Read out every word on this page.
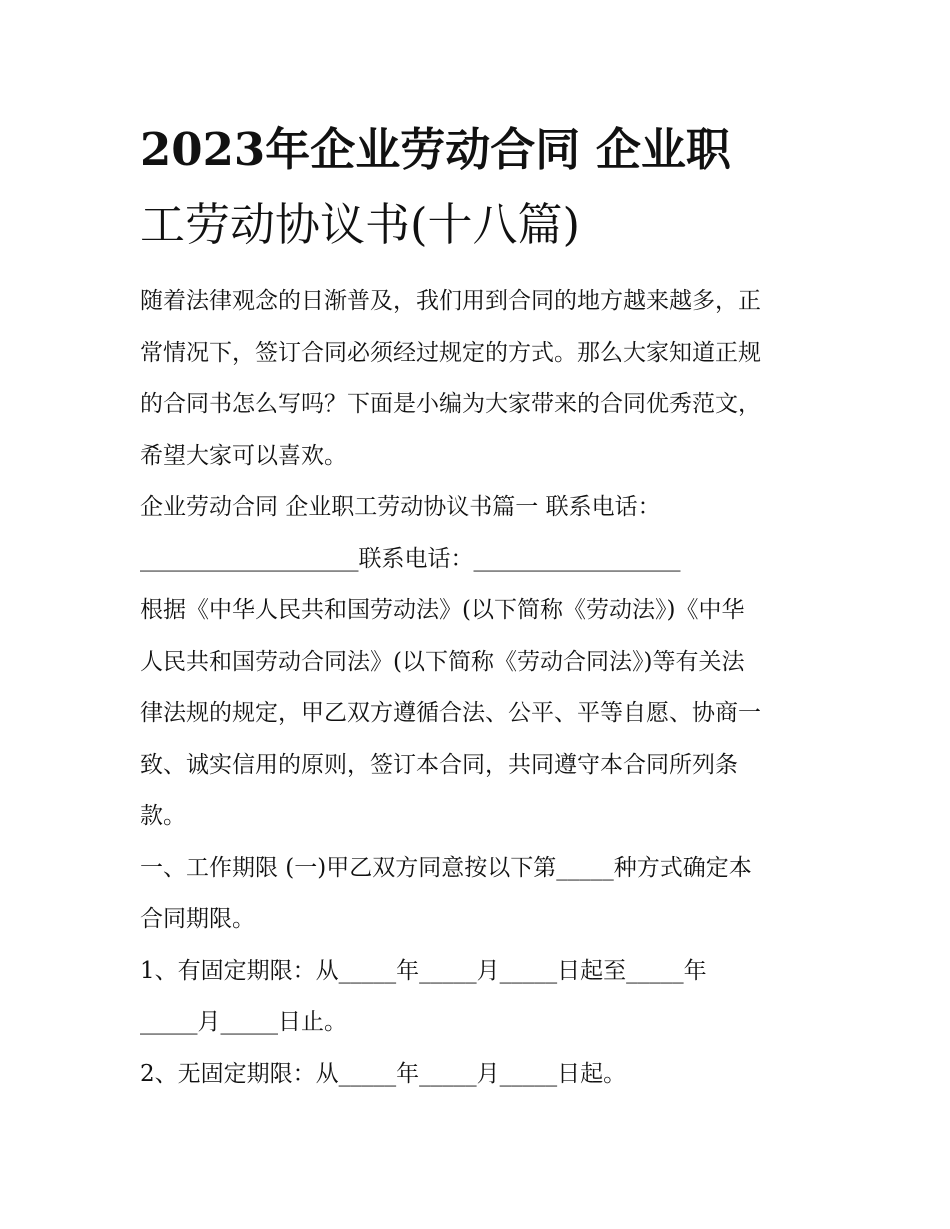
2023年企业劳动合同 企业职
工劳动协议书(十八篇)
随着法律观念的日渐普及，我们用到合同的地方越来越多，正
常情况下，签订合同必须经过规定的方式。那么大家知道正规
的合同书怎么写吗？下面是小编为大家带来的合同优秀范文，
希望大家可以喜欢。
企业劳动合同 企业职工劳动协议书篇一 联系电话：
___________________联系电话：__________________
根据《中华人民共和国劳动法》(以下简称《劳动法》)《中华
人民共和国劳动合同法》(以下简称《劳动合同法》)等有关法
律法规的规定，甲乙双方遵循合法、公平、平等自愿、协商一
致、诚实信用的原则，签订本合同，共同遵守本合同所列条
款。
一、工作期限 (一)甲乙双方同意按以下第_____种方式确定本
合同期限。
1、有固定期限：从_____年_____月_____日起至_____年
_____月_____日止。
2、无固定期限：从_____年_____月_____日起。
